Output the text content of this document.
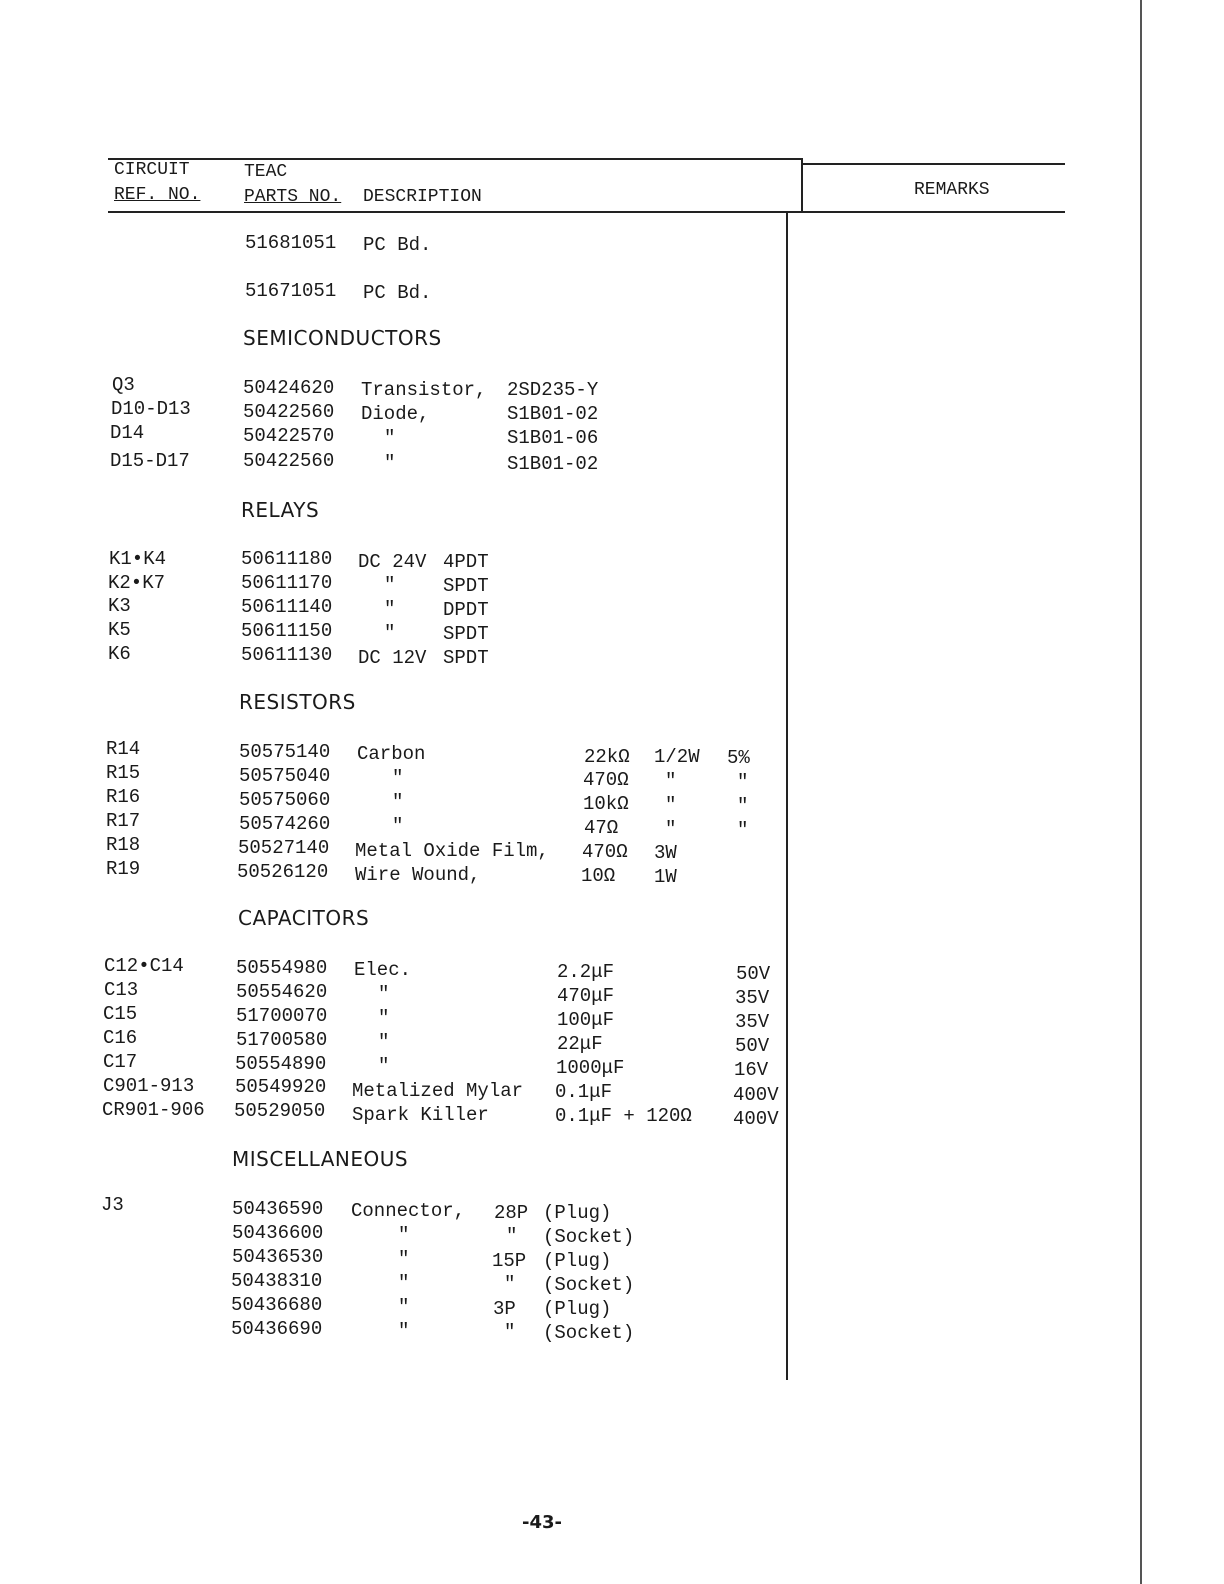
CIRCUIT
REF. NO.
TEAC
PARTS NO. DESCRIPTION	REMARKS
51681051 PC Bd.
51671051 PC Bd.
SEMICONDUCTORS
Q3	50424620 Transistor, 2SD235-Y
D10-D13	50422560 Diode,	S1B01-02
D14	50422570	"	S1B01-06
D15-D17	50422560	"	S1B01-02
RELAYS
K1•K4	50611180 DC 24V 4PDT
K2•K7	50611170	"	SPDT
K3	50611140	"	DPDT
K5	50611150	"	SPDT
K6	50611130 DC 12V SPDT
RESISTORS
R14	50575140 Carbon	22kΩ 1/2W 5%
R15	50575040	"	470Ω "	"
R16	50575060	"	10kΩ "	"
R17	50574260	"	47Ω "	"
R18	50527140 Metal Oxide Film, 470Ω 3W
R19	50526120 Wire Wound,	10Ω 1W
CAPACITORS
C12•C14	50554980 Elec.	2.2μF	50V
C13	50554620	"	470μF	35V
C15	51700070	"	100μF	35V
C16	51700580	"	22μF	50V
C17	50554890	"	1000μF	16V
C901-913 50549920 Metalized Mylar 0.1μF	400V
CR901-906 50529050 Spark Killer	0.1μF + 120Ω 400V
MISCELLANEOUS
J3	50436590 Connector, 28P (Plug)
50436600	"	" (Socket)
50436530	"	15P (Plug)
50438310	"	" (Socket)
50436680	"	3P (Plug)
50436690	"	" (Socket)
-43-
